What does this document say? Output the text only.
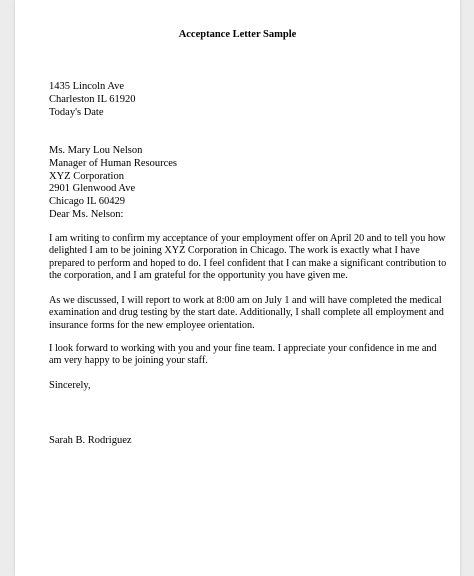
Acceptance Letter Sample
1435 Lincoln Ave
Charleston IL 61920
Today's Date
Ms. Mary Lou Nelson
Manager of Human Resources
XYZ Corporation
2901 Glenwood Ave
Chicago IL 60429
Dear Ms. Nelson:
I am writing to confirm my acceptance of your employment offer on April 20 and to tell you how
delighted I am to be joining XYZ Corporation in Chicago. The work is exactly what I have
prepared to perform and hoped to do. I feel confident that I can make a significant contribution to
the corporation, and I am grateful for the opportunity you have given me.
As we discussed, I will report to work at 8:00 am on July 1 and will have completed the medical
examination and drug testing by the start date. Additionally, I shall complete all employment and
insurance forms for the new employee orientation.
I look forward to working with you and your fine team. I appreciate your confidence in me and
am very happy to be joining your staff.
Sincerely,
Sarah B. Rodriguez
